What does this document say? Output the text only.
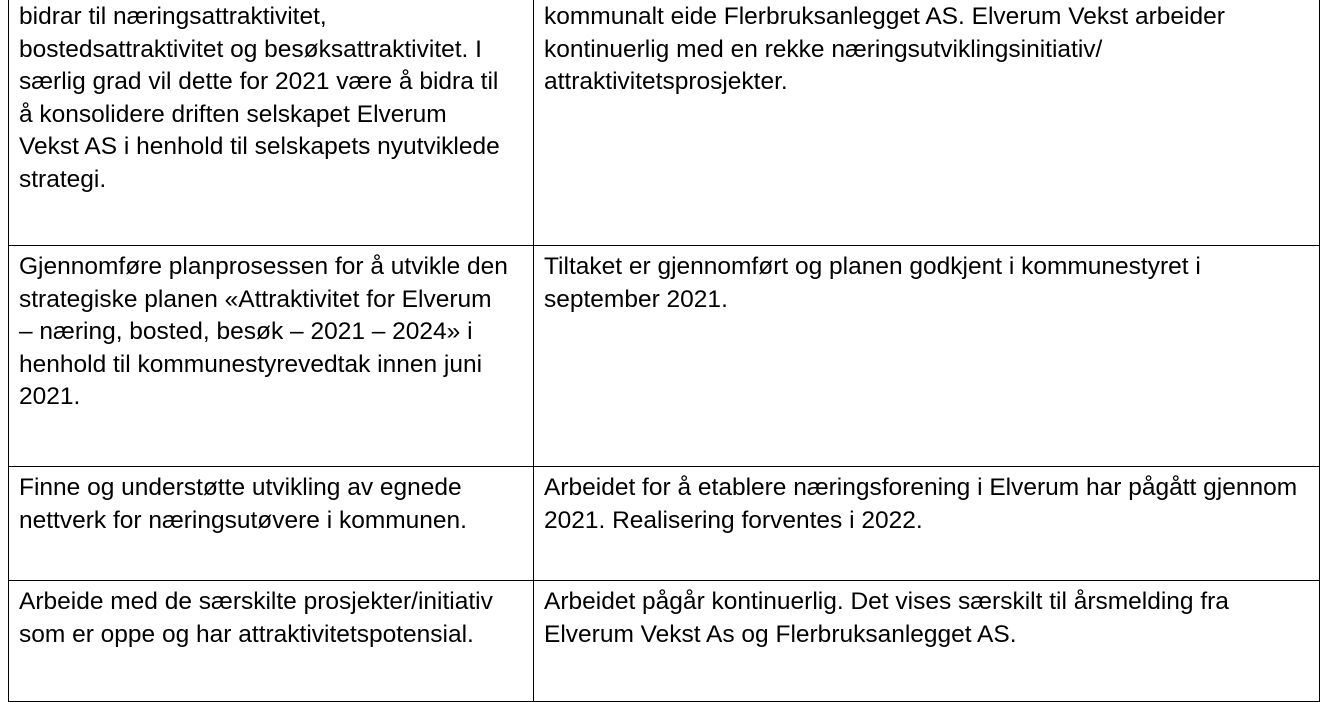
bidrar til næringsattraktivitet, bostedsattraktivitet og besøksattraktivitet. I særlig grad vil dette for 2021 være å bidra til å konsolidere driften selskapet Elverum Vekst AS i henhold til selskapets nyutviklede strategi.	kommunalt eide Flerbruksanlegget AS. Elverum Vekst arbeider kontinuerlig med en rekke næringsutviklingsinitiativ/ attraktivitetsprosjekter.

Gjennomføre planprosessen for å utvikle den strategiske planen «Attraktivitet for Elverum – næring, bosted, besøk – 2021 – 2024» i henhold til kommunestyrevedtak innen juni 2021.	Tiltaket er gjennomført og planen godkjent i kommunestyret i september 2021.

Finne og understøtte utvikling av egnede nettverk for næringsutøvere i kommunen.	Arbeidet for å etablere næringsforening i Elverum har pågått gjennom 2021. Realisering forventes i 2022.

Arbeide med de særskilte prosjekter/initiativ som er oppe og har attraktivitetspotensial.	Arbeidet pågår kontinuerlig. Det vises særskilt til årsmelding fra Elverum Vekst As og Flerbruksanlegget AS.
